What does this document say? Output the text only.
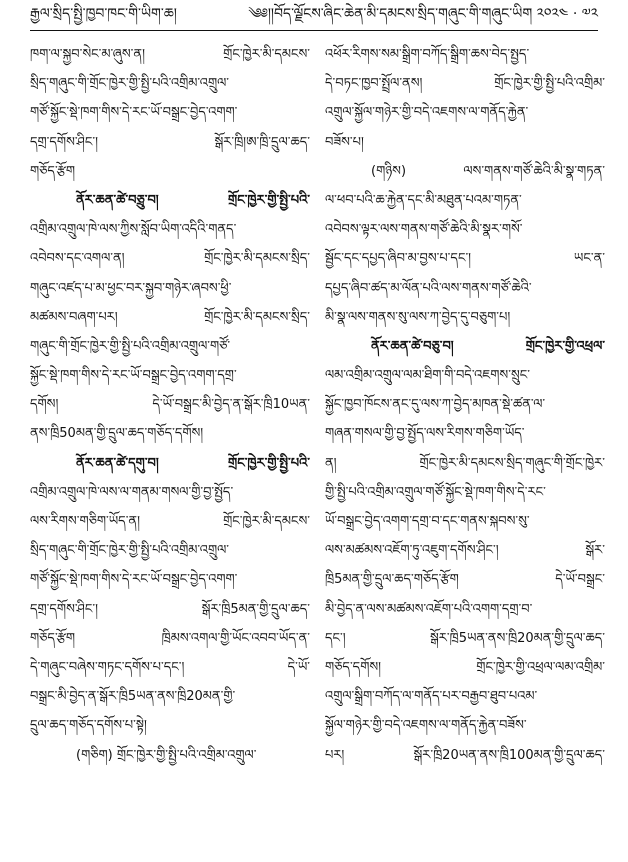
རྒྱལ་སྲིད་སྤྱི་ཁྱབ་ཁང་གི་ཡིག་ཆ།	༄༅།།བོད་ལྗོངས་ཞིང་ཆེན་མི་དམངས་སྲིད་གཞུང་གི་གཞུང་ཡིག ༢༠༢༤ · ༧༢
ཁག་ལ་སྐྱབ་སེང་མ་ཞུས་ན། གྲོང་ཁྱེར་མི་དམངས་
སྲིད་གཞུང་གི་གྲོང་ཁྱེར་གྱི་སྤྱི་པའི་འགྲིམ་འགྲུལ་
གཙོ་སྐྱོང་སྡེ་ཁག་གིས་དེ་རང་ཡོ་བསྒྲང་བྱེད་འགག་
དགྲ་དགོས་ཤིང་། སྒོར་ཁྲི།ཨ་ཁྲི་དྲུལ་ཆད་
གཅོད་རྩོག
ནོར་ཆན་ཚེ་བཅྲུ་བ། གྲོང་ཁྱེར་གྱི་སྤྱི་པའི་
འགྲིམ་འགྲུལ་ཁེ་ལས་ཀྱིས་སློབ་ཡིག་འདིའི་གནད་
འབེབས་དང་འགལ་ན། གྲོང་ཁྱེར་མི་དམངས་སྲིད་
གཞུང་འཛད་པ་མ་ཕྱང་བར་སྐྱབ་གཉེར་ཞབས་ཕྱི་
མཚམས་བཞག་པར། གྲོང་ཁྱེར་མི་དམངས་སྲིད་
གཞུང་གི་གྲོང་ཁྱེར་གྱི་སྤྱི་པའི་འགྲིམ་འགྲུལ་གཙོ་
སྐྱོང་སྡེ་ཁག་གིས་དེ་རང་ཡོ་བསྒྲང་བྱེད་འགག་དགྲ་
དགོས། དེ་ཡོ་བསྒྲང་མི་བྱེད་ན་སྒོར་ཁྲི10ཡན་
ནས་ཁྲི50མན་གྱི་དྲུལ་ཆད་གཅོད་དགོས།
ནོར་ཆན་ཚེ་དགུ་བ། གྲོང་ཁྱེར་གྱི་སྤྱི་པའི་
འགྲིམ་འགྲུལ་ཁེ་ལས་ལ་གནམ་གསལ་གྱི་བྱ་སྤྱོད་
ལས་རིགས་གཅིག་ཡོད་ན། གྲོང་ཁྱེར་མི་དམངས་
སྲིད་གཞུང་གི་གྲོང་ཁྱེར་གྱི་སྤྱི་པའི་འགྲིམ་འགྲུལ་
གཙོ་སྐྱོང་སྡེ་ཁག་གིས་དེ་རང་ཡོ་བསྒྲང་བྱེད་འགག་
དགྲ་དགོས་ཤིང་། སྒོར་ཁྲི5མན་གྱི་དྲུལ་ཆད་
གཅོད་རྩོག ཁྲིམས་འགལ་གྱི་ཡོང་འབབ་ཡོད་ན་
དེ་གཞུང་བཞེས་གཏང་དགོས་པ་དང་། དེ་ཡོ་
བསྒྲང་མི་བྱེད་ན་སྒོར་ཁྲི5ཡན་ནས་ཁྲི20མན་གྱི་
དྲུལ་ཆད་གཅོད་དགོས་པ་སྟེ།
(གཅིག) གྲོང་ཁྱེར་གྱི་སྤྱི་པའི་འགྲིམ་འགྲུལ་
འཕོར་རིགས་སམ་སྒྲིག་བཀོད་སྒྲིག་ཆས་བེད་སྤྱད་
དེ་བཏང་ཁྱབ་སྤྲོལ་ནས། གྲོང་ཁྱེར་གྱི་སྤྱི་པའི་འགྲིམ་
འགྲུལ་སྐྱོལ་གཉེར་གྱི་བདེ་འཇགས་ལ་གནོད་རྐྱེན་
བཟོས་པ།
(གཉིས) ལས་གནས་གཙོ་ཆེའི་མི་སྣ་གཏན་
ལ་ཕབ་པའི་ཆ་རྐྱེན་དང་མི་མཐུན་པའམ་གཏན་
འབེབས་ལྟར་ལས་གནས་གཙོ་ཆེའི་མི་སྣར་གསོ་
སྦྱོང་དང་དཔྱད་ཞིབ་མ་བྱས་པ་དང་། ཡང་ན་
དཔྱད་ཞིབ་ཚད་མ་ལོན་པའི་ལས་གནས་གཙོ་ཆེའི་
མི་སྣ་ལས་གནས་སུ་ལས་ཀ་བྱེད་དུ་བཅུག་པ།
ནོར་ཆན་ཚེ་བཅུ་བ། གྲོང་ཁྱེར་གྱི་འཕྲལ་
ལམ་འགྲིམ་འགྲུལ་ལམ་ཐིག་གི་བདེ་འཇགས་སྲུང་
སྐྱོང་ཁྱབ་ཁོངས་ནང་དུ་ལས་ཀ་བྱེད་མཁན་སྡེ་ཚན་ལ་
གཞན་གསལ་གྱི་བྱ་སྤྱོད་ལས་རིགས་གཅིག་ཡོད་
ན། གྲོང་ཁྱེར་མི་དམངས་སྲིད་གཞུང་གི་གྲོང་ཁྱེར་
གྱི་སྤྱི་པའི་འགྲིམ་འགྲུལ་གཙོ་སྐྱོང་སྡེ་ཁག་གིས་དེ་རང་
ཡོ་བསྒྲང་བྱེད་འགག་དགྲ་བ་དང་གནས་སྐབས་སུ་
ལས་མཚམས་འཇོག་ཏུ་འཇུག་དགོས་ཤིང་། སྒོར་
ཁྲི5མན་གྱི་དྲུལ་ཆད་གཅོད་རྩོག དེ་ཡོ་བསྒྲང་
མི་བྱེད་ན་ལས་མཚམས་འཇོག་པའི་འགག་དགྲ་བ་
དང་། སྒོར་ཁྲི5ཡན་ནས་ཁྲི20མན་གྱི་དྲུལ་ཆད་
གཅོད་དགོས། གྲོང་ཁྱེར་གྱི་འཕྲལ་ལམ་འགྲིམ་
འགྲུལ་སྒྲིག་བཀོད་ལ་གནོད་པར་བརྒྱབ་ཐུབ་པའམ་
སྐྱོལ་གཉེར་གྱི་བདེ་འཇགས་ལ་གནོད་རྐྱེན་བཟོས་
པར། སྒོར་ཁྲི20ཡན་ནས་ཁྲི100མན་གྱི་དྲུལ་ཆད་
